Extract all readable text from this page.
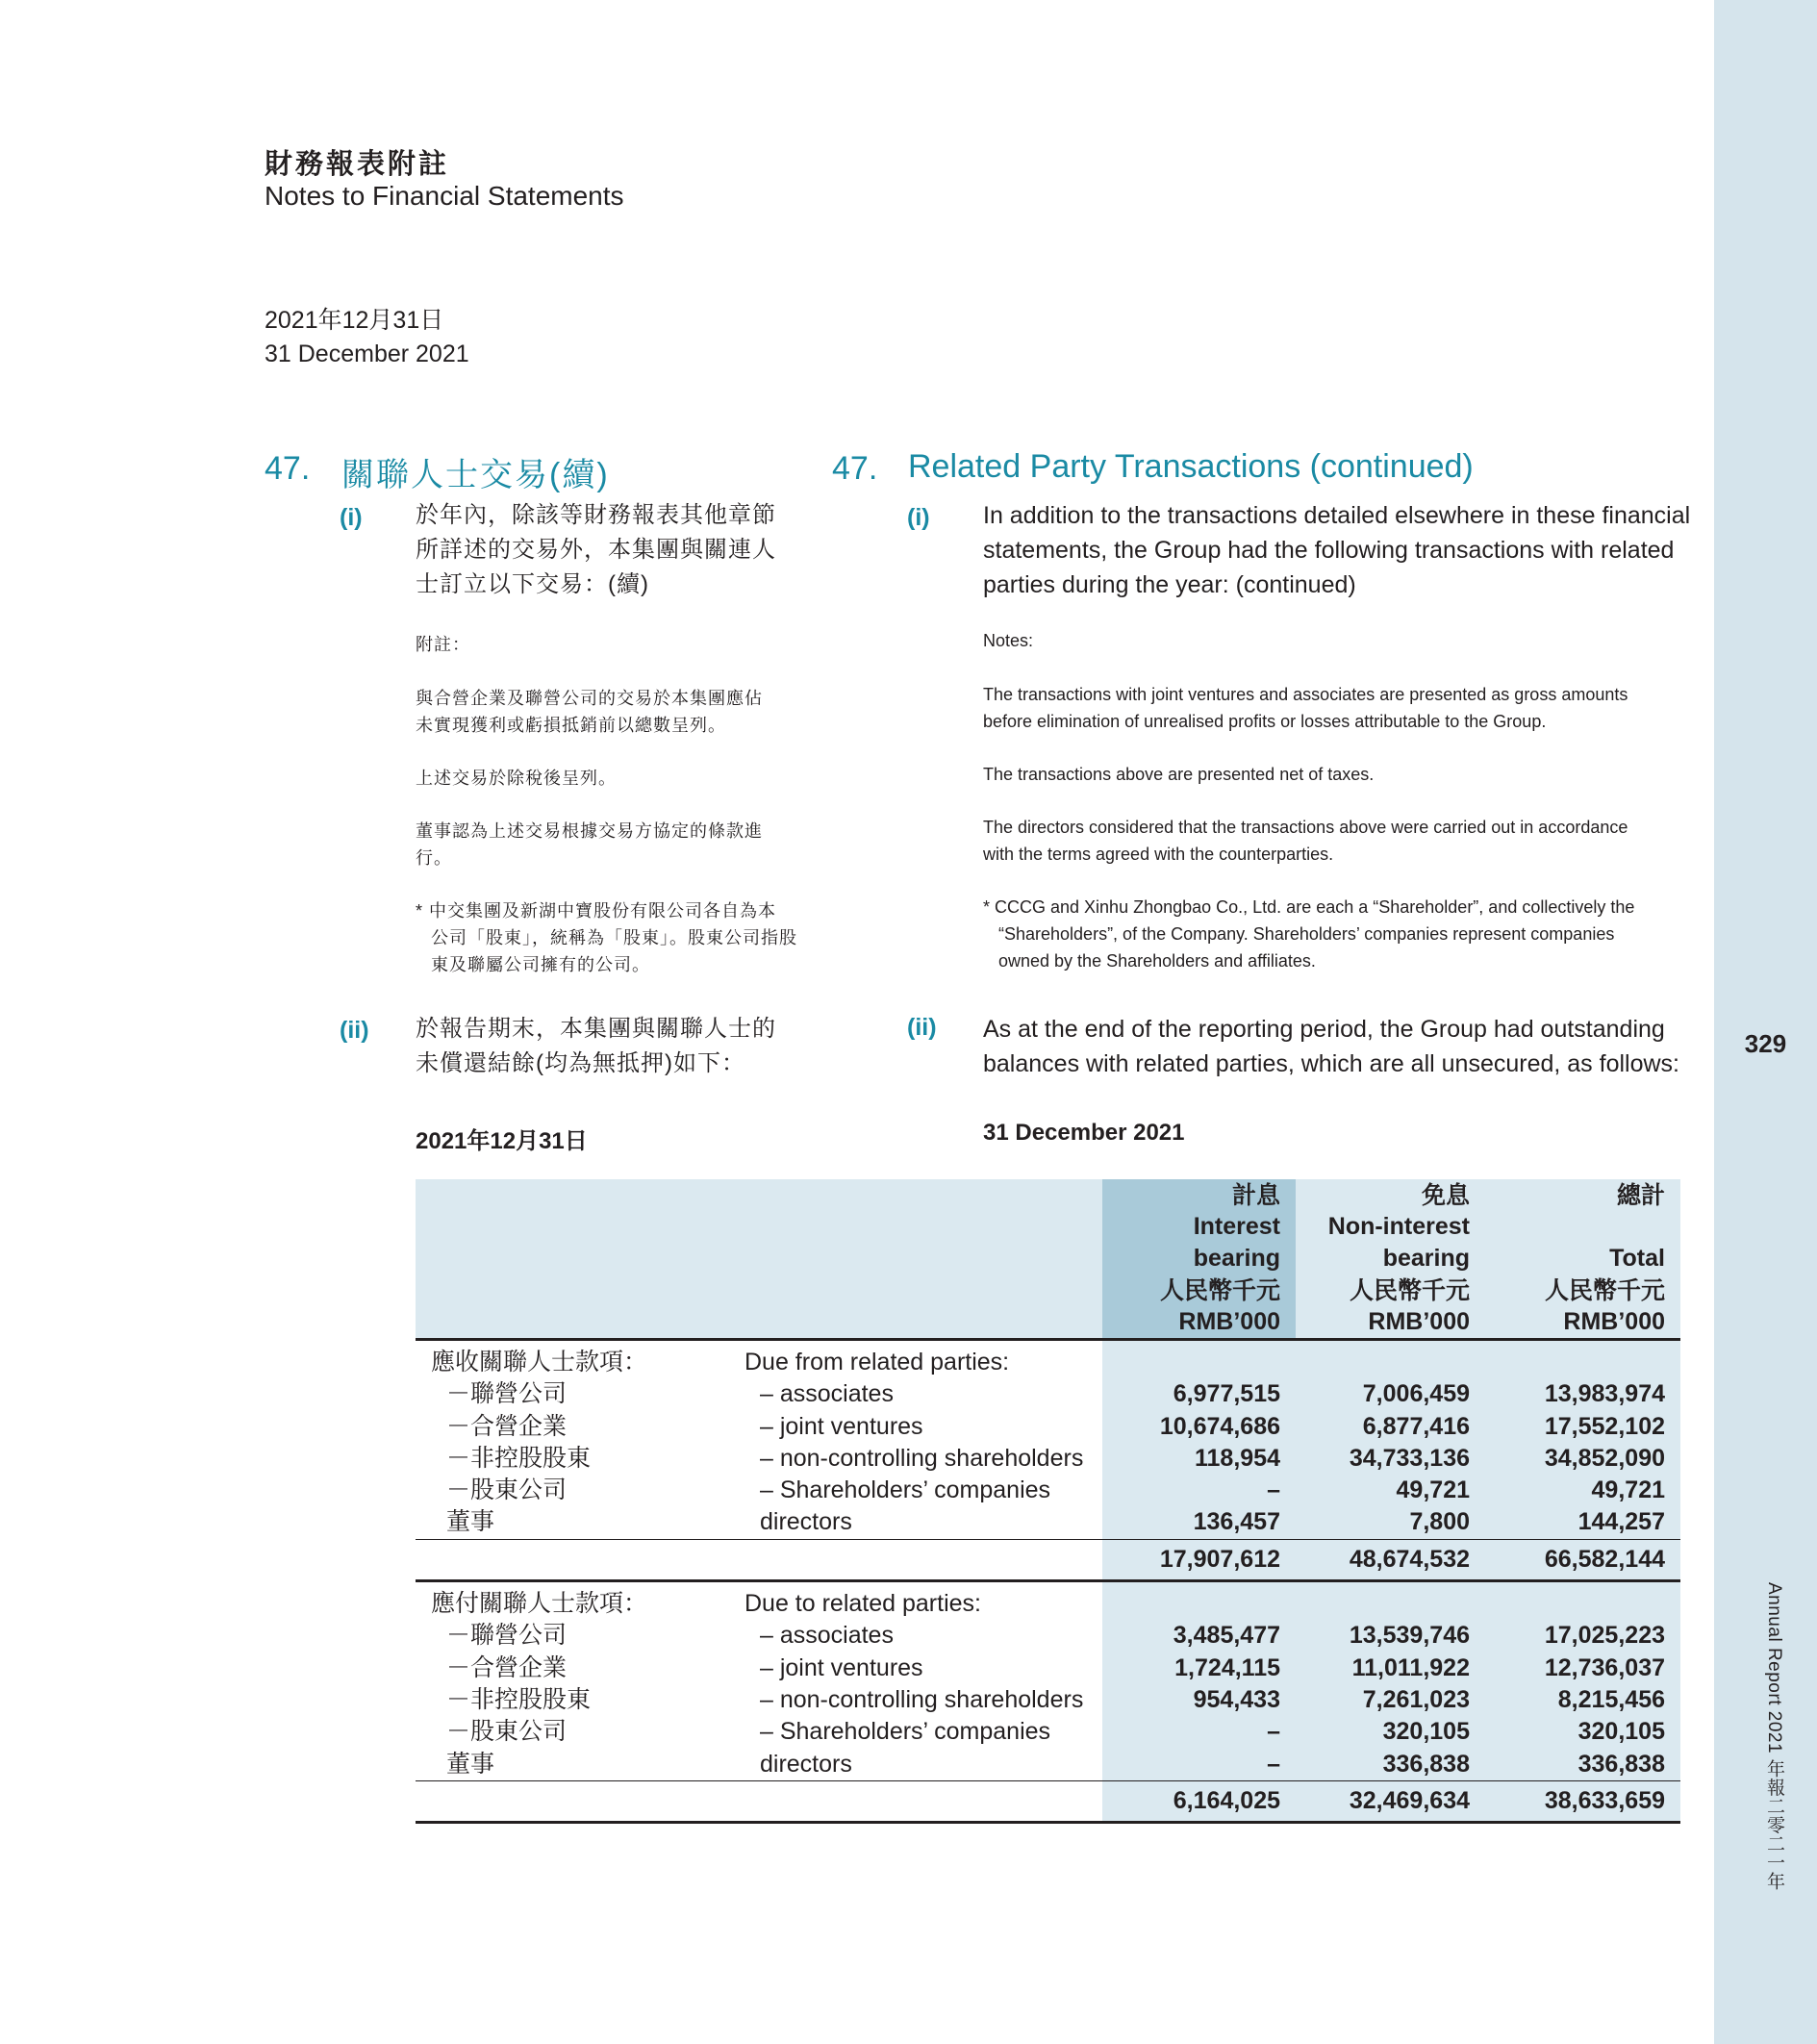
329
Annual Report 2021 年報二零二一年
財務報表附註
Notes to Financial Statements
2021年12月31日
31 December 2021
47. 關聯人士交易(續)	47. Related Party Transactions (continued)
(i) 於年內，除該等財務報表其他章節
所詳述的交易外，本集團與關連人
士訂立以下交易：(續)
(i) In addition to the transactions detailed elsewhere in these financial
statements, the Group had the following transactions with related
parties during the year: (continued)
附註：	Notes:
與合營企業及聯營公司的交易於本集團應佔
未實現獲利或虧損抵銷前以總數呈列。
The transactions with joint ventures and associates are presented as gross amounts
before elimination of unrealised profits or losses attributable to the Group.
上述交易於除稅後呈列。	The transactions above are presented net of taxes.
董事認為上述交易根據交易方協定的條款進
行。
The directors considered that the transactions above were carried out in accordance
with the terms agreed with the counterparties.
* 中交集團及新湖中寶股份有限公司各自為本
公司「股東」，統稱為「股東」。股東公司指股
東及聯屬公司擁有的公司。
* CCCG and Xinhu Zhongbao Co., Ltd. are each a “Shareholder”, and collectively the
“Shareholders”, of the Company. Shareholders’ companies represent companies
owned by the Shareholders and affiliates.
(ii) 於報告期末，本集團與關聯人士的
未償還結餘(均為無抵押)如下：
(ii) As at the end of the reporting period, the Group had outstanding
balances with related parties, which are all unsecured, as follows:
2021年12月31日	31 December 2021

		計息
Interest
bearing
人民幣千元
RMB’000	免息
Non-interest
bearing
人民幣千元
RMB’000	總計
Total
人民幣千元
RMB’000

應收關聯人士款項：	Due from related parties:			
－聯營公司	– associates	6,977,515	7,006,459	13,983,974
－合營企業	– joint ventures	10,674,686	6,877,416	17,552,102
－非控股股東	– non-controlling shareholders	118,954	34,733,136	34,852,090
－股東公司	– Shareholders’ companies	–	49,721	49,721
董事	directors	136,457	7,800	144,257
		17,907,612	48,674,532	66,582,144
應付關聯人士款項：	Due to related parties:			
－聯營公司	– associates	3,485,477	13,539,746	17,025,223
－合營企業	– joint ventures	1,724,115	11,011,922	12,736,037
－非控股股東	– non-controlling shareholders	954,433	7,261,023	8,215,456
－股東公司	– Shareholders’ companies	–	320,105	320,105
董事	directors	–	336,838	336,838
		6,164,025	32,469,634	38,633,659
